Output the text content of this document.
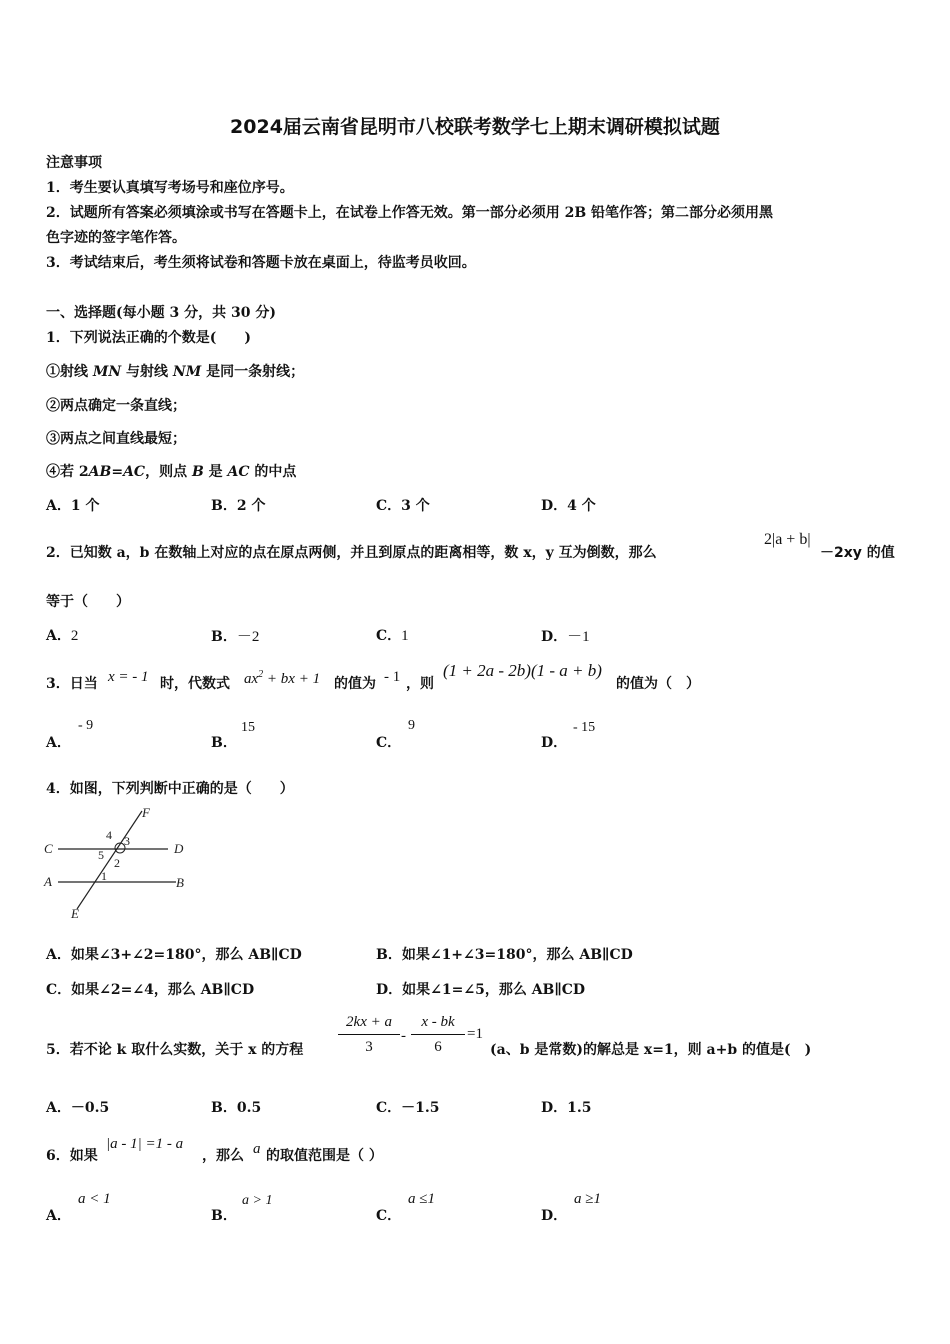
2024届云南省昆明市八校联考数学七上期末调研模拟试题
注意事项
1．考生要认真填写考场号和座位序号。
2．试题所有答案必须填涂或书写在答题卡上，在试卷上作答无效。第一部分必须用 2B 铅笔作答；第二部分必须用黑
色字迹的签字笔作答。
3．考试结束后，考生须将试卷和答题卡放在桌面上，待监考员收回。
一、选择题(每小题 3 分，共 30 分)
1．下列说法正确的个数是(　　)
①射线 MN 与射线 NM 是同一条射线；
②两点确定一条直线；
③两点之间直线最短；
④若 2AB=AC，则点 B 是 AC 的中点
A．1 个	B．2 个	C．3 个	D．4 个
2．已知数 a，b 在数轴上对应的点在原点两侧，并且到原点的距离相等，数 x，y 互为倒数，那么
2|a + b|
－2xy 的值
等于（　　）
A．2	B．－2	C．1	D．－1
3．日当 x = - 1 时，代数式 $ax^2$ + bx + 1 的值为 - 1 ，则
(1 + 2a - 2b)(1 - a + b)
的值为（　）
A．
- 9
B．
15
C．
9
D．
- 15
4．如图，下列判断中正确的是（　　）
F
C	D
A	B
E
4 3
5
2
1
A．如果∠3+∠2=180°，那么 AB∥CD	B．如果∠1+∠3=180°，那么 AB∥CD
C．如果∠2=∠4，那么 AB∥CD	D．如果∠1=∠5，那么 AB∥CD
5．若不论 k 取什么实数，关于 x 的方程
2kx + a
3
-
x - bk
6
=1
(a、b 是常数)的解总是 x=1，则 a+b 的值是(　)
A．－0.5	B．0.5	C．－1.5	D．1.5
6．如果
|a - 1| =1 - a
，那么 a 的取值范围是（ ）
A．
a < 1
B．
a > 1
C．
a ≤1
D．
a ≥1
